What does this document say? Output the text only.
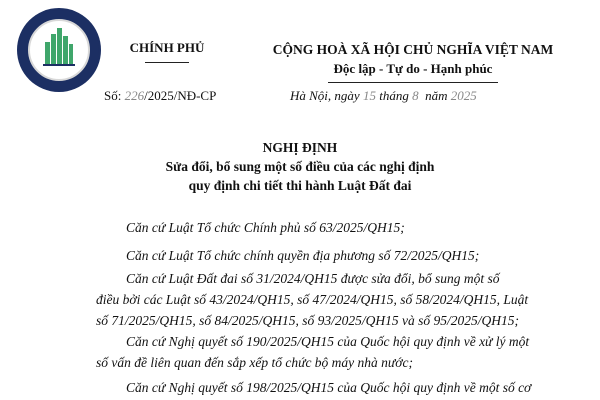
CHÍNH PHỦ	CỘNG HOÀ XÃ HỘI CHỦ NGHĨA VIỆT NAM
Độc lập - Tự do - Hạnh phúc
Số: 226/2025/NĐ-CP	Hà Nội, ngày 15 tháng 8 năm 2025
NGHỊ ĐỊNH
Sửa đổi, bổ sung một số điều của các nghị định
quy định chi tiết thi hành Luật Đất đai
Căn cứ Luật Tổ chức Chính phủ số 63/2025/QH15;
Căn cứ Luật Tổ chức chính quyền địa phương số 72/2025/QH15;
Căn cứ Luật Đất đai số 31/2024/QH15 được sửa đổi, bổ sung một số
điều bởi các Luật số 43/2024/QH15, số 47/2024/QH15, số 58/2024/QH15, Luật
số 71/2025/QH15, số 84/2025/QH15, số 93/2025/QH15 và số 95/2025/QH15;
Căn cứ Nghị quyết số 190/2025/QH15 của Quốc hội quy định về xử lý một
số vấn đề liên quan đến sắp xếp tổ chức bộ máy nhà nước;
Căn cứ Nghị quyết số 198/2025/QH15 của Quốc hội quy định về một số cơ
